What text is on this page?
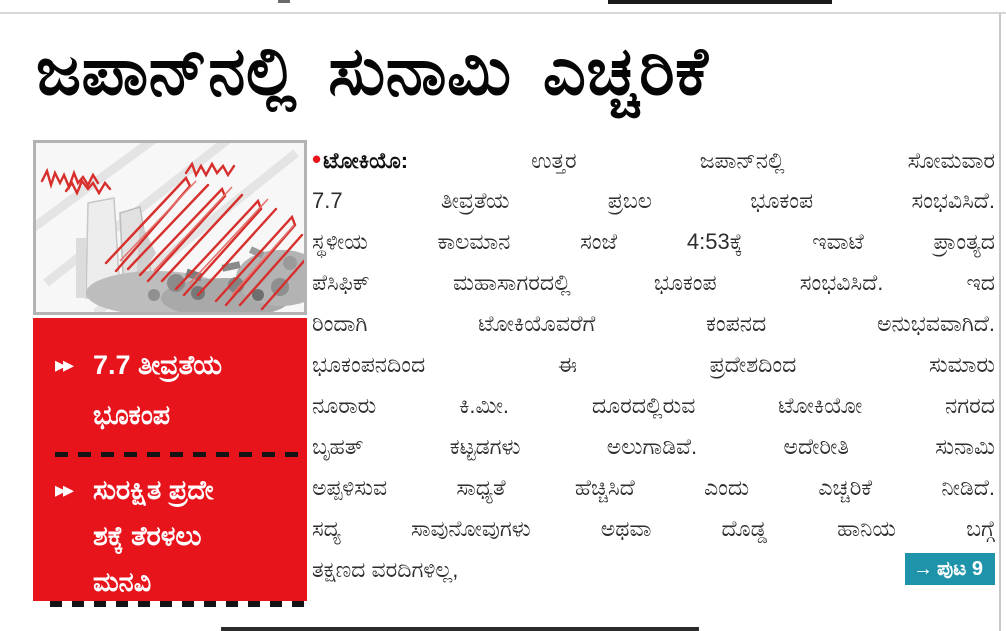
ಜಪಾನ್‌ನಲ್ಲಿ ಸುನಾಮಿ ಎಚ್ಚರಿಕೆ
▸▸ 7.7 ತೀವ್ರತೆಯ
ಭೂಕಂಪ
▸▸ ಸುರಕ್ಷಿತ ಪ್ರದೇ
ಶಕ್ಕೆ ತೆರಳಲು
ಮನವಿ
•ಟೋಕಿಯೊ:	ಉತ್ತರ ಜಪಾನ್‌ನಲ್ಲಿ ಸೋಮವಾರ
7.7 ತೀವ್ರತೆಯ ಪ್ರಬಲ ಭೂಕಂಪ ಸಂಭವಿಸಿದೆ.
ಸ್ಥಳೀಯ ಕಾಲಮಾನ ಸಂಜೆ 4:53ಕ್ಕೆ ಇವಾಟೆ ಪ್ರಾಂತ್ಯದ
ಪೆಸಿಫಿಕ್ ಮಹಾಸಾಗರದಲ್ಲಿ ಭೂಕಂಪ ಸಂಭವಿಸಿದೆ. ಇದ
ರಿಂದಾಗಿ ಟೋಕಿಯೊವರೆಗೆ ಕಂಪನದ ಅನುಭವವಾಗಿದೆ.
ಭೂಕಂಪನದಿಂದ ಈ ಪ್ರದೇಶದಿಂದ ಸುಮಾರು
ನೂರಾರು ಕಿ.ಮೀ. ದೂರದಲ್ಲಿರುವ ಟೋಕಿಯೋ ನಗರದ
ಬೃಹತ್ ಕಟ್ಟಡಗಳು ಅಲುಗಾಡಿವೆ. ಅದೇರೀತಿ ಸುನಾಮಿ
ಅಪ್ಪಳಿಸುವ ಸಾಧ್ಯತೆ ಹೆಚ್ಚಿಸಿದೆ ಎಂದು ಎಚ್ಚರಿಕೆ ನೀಡಿದೆ.
ಸದ್ಯ ಸಾವುನೋವುಗಳು ಅಥವಾ ದೊಡ್ಡ ಹಾನಿಯ ಬಗ್ಗೆ
→ ಪುಟ 9
ತಕ್ಷಣದ ವರದಿಗಳಿಲ್ಲ,
